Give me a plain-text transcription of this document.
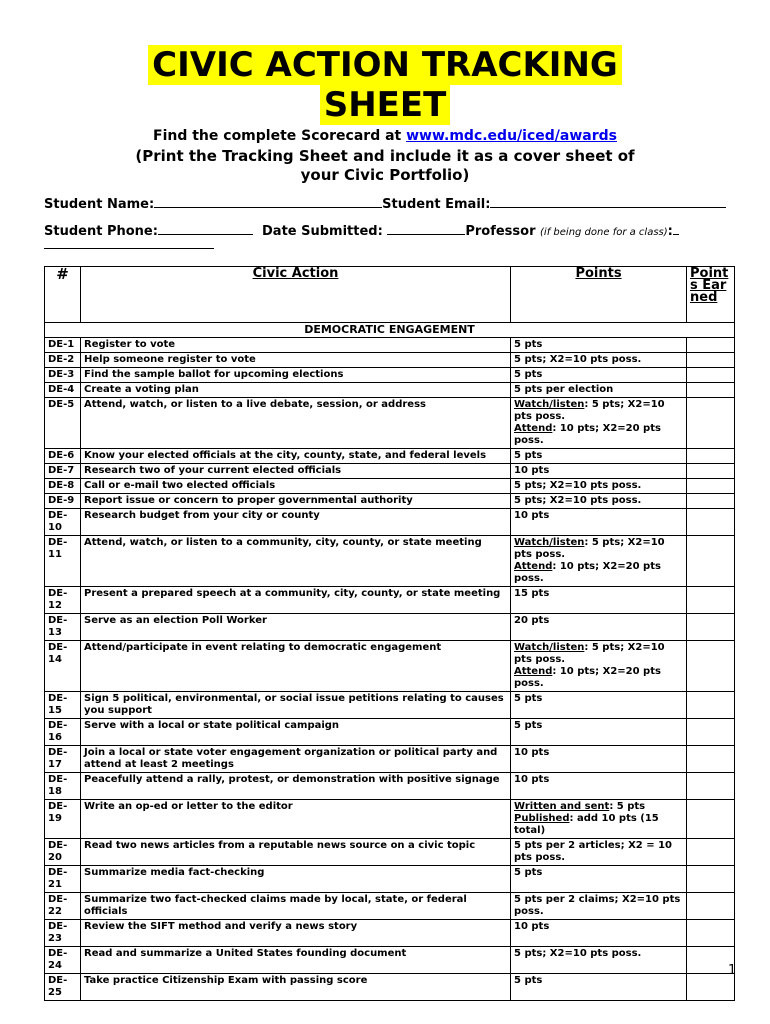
CIVIC ACTION TRACKING
SHEET
Find the complete Scorecard at www.mdc.edu/iced/awards
(Print the Tracking Sheet and include it as a cover sheet of your Civic Portfolio)
Student Name:	Student Email:
Student Phone:	Date Submitted:	Professor (if being done for a class):
#	Civic Action	Points	Points Earned
DEMOCRATIC ENGAGEMENT			
DE-1	Register to vote	5 pts	
DE-2	Help someone register to vote	5 pts; X2=10 pts poss.	
DE-3	Find the sample ballot for upcoming elections	5 pts	
DE-4	Create a voting plan	5 pts per election	
DE-5	Attend, watch, or listen to a live debate, session, or address	Watch/listen: 5 pts; X2=10 pts poss.
Attend: 10 pts; X2=20 pts poss.	
DE-6	Know your elected officials at the city, county, state, and federal levels	5 pts	
DE-7	Research two of your current elected officials	10 pts	
DE-8	Call or e-mail two elected officials	5 pts; X2=10 pts poss.	
DE-9	Report issue or concern to proper governmental authority	5 pts; X2=10 pts poss.	
DE-10	Research budget from your city or county	10 pts	
DE-11	Attend, watch, or listen to a community, city, county, or state meeting	Watch/listen: 5 pts; X2=10 pts poss.
Attend: 10 pts; X2=20 pts poss.	
DE-12	Present a prepared speech at a community, city, county, or state meeting	15 pts	
DE-13	Serve as an election Poll Worker	20 pts	
DE-14	Attend/participate in event relating to democratic engagement	Watch/listen: 5 pts; X2=10 pts poss.
Attend: 10 pts; X2=20 pts poss.	
DE-15	Sign 5 political, environmental, or social issue petitions relating to causes you support	5 pts	
DE-16	Serve with a local or state political campaign	5 pts	
DE-17	Join a local or state voter engagement organization or political party and attend at least 2 meetings	10 pts	
DE-18	Peacefully attend a rally, protest, or demonstration with positive signage	10 pts	
DE-19	Write an op-ed or letter to the editor	Written and sent: 5 pts
Published: add 10 pts (15 total)	
DE-20	Read two news articles from a reputable news source on a civic topic	5 pts per 2 articles; X2 = 10 pts poss.	
DE-21	Summarize media fact-checking	5 pts	
DE-22	Summarize two fact-checked claims made by local, state, or federal officials	5 pts per 2 claims; X2=10 pts poss.	
DE-23	Review the SIFT method and verify a news story	10 pts	
DE-24	Read and summarize a United States founding document	5 pts; X2=10 pts poss.	
DE-25	Take practice Citizenship Exam with passing score	5 pts	
1
